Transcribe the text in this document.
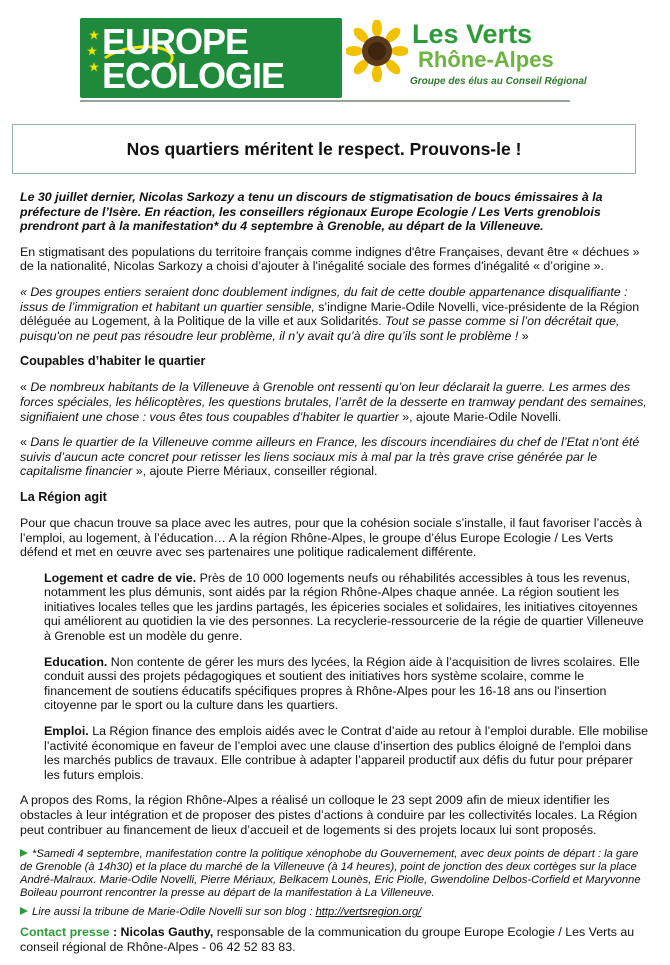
EUROPE
ECOLOGIE
Les Verts
Rhône-Alpes
Groupe des élus au Conseil Régional
Nos quartiers méritent le respect. Prouvons-le !

Le 30 juillet dernier, Nicolas Sarkozy a tenu un discours de stigmatisation de boucs émissaires à la préfecture de l’Isère. En réaction, les conseillers régionaux Europe Ecologie / Les Verts grenoblois prendront part à la manifestation* du 4 septembre à Grenoble, au départ de la Villeneuve.

En stigmatisant des populations du territoire français comme indignes d'être Françaises, devant être « déchues » de la nationalité, Nicolas Sarkozy a choisi d’ajouter à l'inégalité sociale des formes d'inégalité « d’origine ».

« Des groupes entiers seraient donc doublement indignes, du fait de cette double appartenance disqualifiante : issus de l’immigration et habitant un quartier sensible, s’indigne Marie-Odile Novelli, vice-présidente de la Région déléguée au Logement, à la Politique de la ville et aux Solidarités. Tout se passe comme si l’on décrétait que, puisqu'on ne peut pas résoudre leur problème, il n’y avait qu’à dire qu’ils sont le problème ! »

Coupables d’habiter le quartier

« De nombreux habitants de la Villeneuve à Grenoble ont ressenti qu’on leur déclarait la guerre. Les armes des forces spéciales, les hélicoptères, les questions brutales, l’arrêt de la desserte en tramway pendant des semaines, signifiaient une chose : vous êtes tous coupables d’habiter le quartier », ajoute Marie-Odile Novelli.

« Dans le quartier de la Villeneuve comme ailleurs en France, les discours incendiaires du chef de l’Etat n'ont été suivis d’aucun acte concret pour retisser les liens sociaux mis à mal par la très grave crise générée par le capitalisme financier », ajoute Pierre Mériaux, conseiller régional.

La Région agit

Pour que chacun trouve sa place avec les autres, pour que la cohésion sociale s’installe, il faut favoriser l’accès à l’emploi, au logement, à l’éducation… A la région Rhône-Alpes, le groupe d’élus Europe Ecologie / Les Verts défend et met en œuvre avec ses partenaires une politique radicalement différente.

Logement et cadre de vie. Près de 10 000 logements neufs ou réhabilités accessibles à tous les revenus, notamment les plus démunis, sont aidés par la région Rhône-Alpes chaque année. La région soutient les initiatives locales telles que les jardins partagés, les épiceries sociales et solidaires, les initiatives citoyennes qui améliorent au quotidien la vie des personnes. La recyclerie-ressourcerie de la régie de quartier Villeneuve à Grenoble est un modèle du genre.

Education. Non contente de gérer les murs des lycées, la Région aide à l’acquisition de livres scolaires. Elle conduit aussi des projets pédagogiques et soutient des initiatives hors système scolaire, comme le financement de soutiens éducatifs spécifiques propres à Rhône-Alpes pour les 16-18 ans ou l'insertion citoyenne par le sport ou la culture dans les quartiers.

Emploi. La Région finance des emplois aidés avec le Contrat d’aide au retour à l’emploi durable. Elle mobilise l’activité économique en faveur de l’emploi avec une clause d’insertion des publics éloigné de l'emploi dans les marchés publics de travaux. Elle contribue à adapter l’appareil productif aux défis du futur pour préparer les futurs emplois.

A propos des Roms, la région Rhône-Alpes a réalisé un colloque le 23 sept 2009 afin de mieux identifier les obstacles à leur intégration et de proposer des pistes d’actions à conduire par les collectivités locales. La Région peut contribuer au financement de lieux d’accueil et de logements si des projets locaux lui sont proposés.

*Samedi 4 septembre, manifestation contre la politique xénophobe du Gouvernement, avec deux points de départ : la gare de Grenoble (à 14h30) et la place du marché de la Villeneuve (à 14 heures), point de jonction des deux cortèges sur la place André-Malraux. Marie-Odile Novelli, Pierre Mériaux, Belkacem Lounès, Eric Piolle, Gwendoline Delbos-Corfield et Maryvonne Boileau pourront rencontrer la presse au départ de la manifestation à La Villeneuve.

Lire aussi la tribune de Marie-Odile Novelli sur son blog : http://vertsregion.org/

Contact presse : Nicolas Gauthy, responsable de la communication du groupe Europe Ecologie / Les Verts au conseil régional de Rhône-Alpes - 06 42 52 83 83.
